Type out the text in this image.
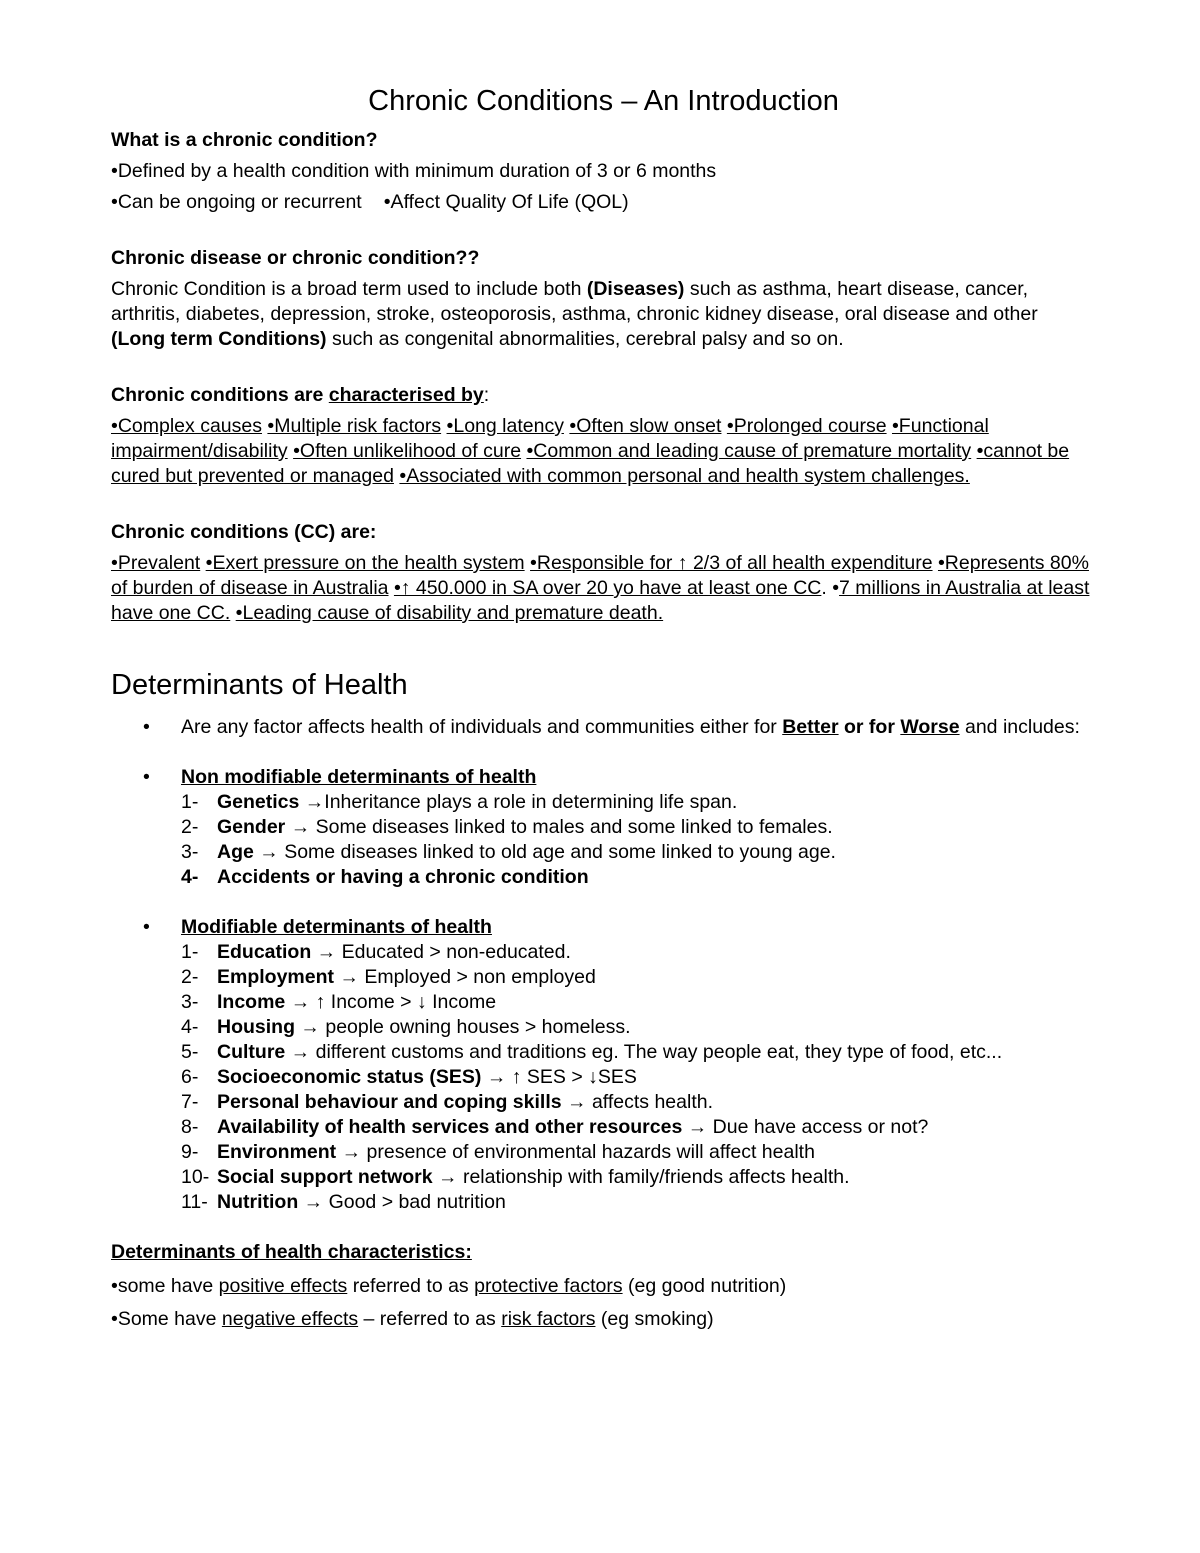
Chronic Conditions – An Introduction

What is a chronic condition?

•Defined by a health condition with minimum duration of 3 or 6 months

•Can be ongoing or recurrent •Affect Quality Of Life (QOL)

Chronic disease or chronic condition??

Chronic Condition is a broad term used to include both (Diseases) such as asthma, heart disease, cancer, arthritis, diabetes, depression, stroke, osteoporosis, asthma, chronic kidney disease, oral disease and other (Long term Conditions) such as congenital abnormalities, cerebral palsy and so on.

Chronic conditions are characterised by:

•Complex causes •Multiple risk factors •Long latency •Often slow onset •Prolonged course •Functional impairment/disability •Often unlikelihood of cure •Common and leading cause of premature mortality •cannot be cured but prevented or managed •Associated with common personal and health system challenges.

Chronic conditions (CC) are:

•Prevalent •Exert pressure on the health system •Responsible for ↑ 2/3 of all health expenditure •Represents 80% of burden of disease in Australia •↑ 450.000 in SA over 20 yo have at least one CC. •7 millions in Australia at least have one CC. •Leading cause of disability and premature death.

Determinants of Health

• Are any factor affects health of individuals and communities either for Better or for Worse and includes:

• Non modifiable determinants of health

1- Genetics →Inheritance plays a role in determining life span.

2- Gender → Some diseases linked to males and some linked to females.

3- Age → Some diseases linked to old age and some linked to young age.

4- Accidents or having a chronic condition

• Modifiable determinants of health

1- Education → Educated > non-educated.

2- Employment → Employed > non employed

3- Income → ↑ Income > ↓ Income

4- Housing → people owning houses > homeless.

5- Culture → different customs and traditions eg. The way people eat, they type of food, etc...

6- Socioeconomic status (SES) → ↑ SES > ↓SES

7- Personal behaviour and coping skills → affects health.

8- Availability of health services and other resources → Due have access or not?

9- Environment → presence of environmental hazards will affect health

10- Social support network → relationship with family/friends affects health.

11- Nutrition → Good > bad nutrition

Determinants of health characteristics:

•some have positive effects referred to as protective factors (eg good nutrition)

•Some have negative effects – referred to as risk factors (eg smoking)
